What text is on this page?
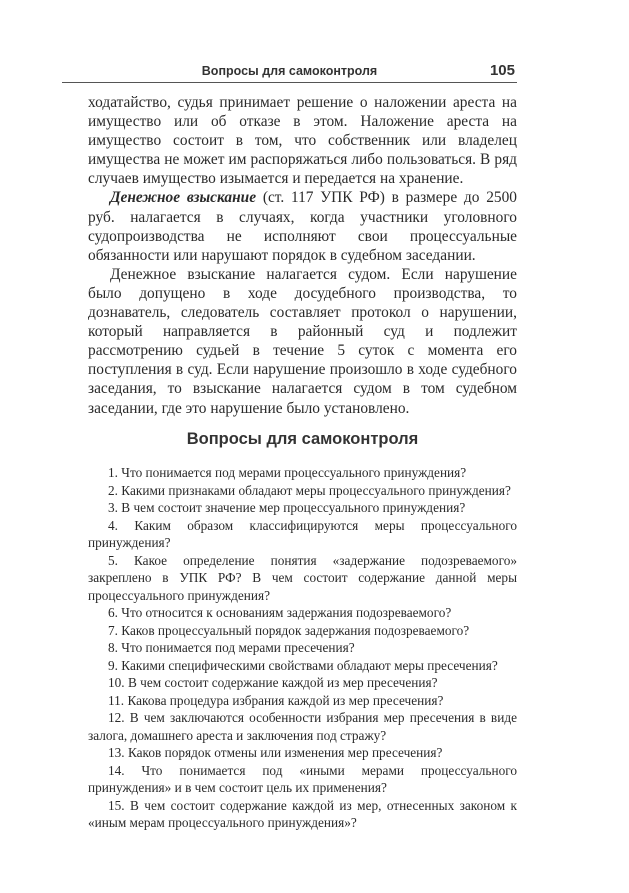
Вопросы для самоконтроля	105

ходатайство, судья принимает решение о наложении ареста на имущество или об отказе в этом. Наложение ареста на имущество состоит в том, что собственник или владелец имущества не может им распоряжаться либо пользоваться. В ряд случаев имущество изымается и передается на хранение.

Денежное взыскание (ст. 117 УПК РФ) в размере до 2500 руб. налагается в случаях, когда участники уголовного судопроизводства не исполняют свои процессуальные обязанности или нарушают порядок в судебном заседании.

Денежное взыскание налагается судом. Если нарушение было допущено в ходе досудебного производства, то дознаватель, следователь составляет протокол о нарушении, который направляется в районный суд и подлежит рассмотрению судьей в течение 5 суток с момента его поступления в суд. Если нарушение произошло в ходе судебного заседания, то взыскание налагается судом в том судебном заседании, где это нарушение было установлено.

Вопросы для самоконтроля
1. Что понимается под мерами процессуального принуждения?
2. Какими признаками обладают меры процессуального принуждения?
3. В чем состоит значение мер процессуального принуждения?
4. Каким образом классифицируются меры процессуального принуждения?
5. Какое определение понятия «задержание подозреваемого» закреплено в УПК РФ? В чем состоит содержание данной меры процессуального принуждения?
6. Что относится к основаниям задержания подозреваемого?
7. Каков процессуальный порядок задержания подозреваемого?
8. Что понимается под мерами пресечения?
9. Какими специфическими свойствами обладают меры пресечения?
10. В чем состоит содержание каждой из мер пресечения?
11. Какова процедура избрания каждой из мер пресечения?
12. В чем заключаются особенности избрания мер пресечения в виде залога, домашнего ареста и заключения под стражу?
13. Каков порядок отмены или изменения мер пресечения?
14. Что понимается под «иными мерами процессуального принуждения» и в чем состоит цель их применения?
15. В чем состоит содержание каждой из мер, отнесенных законом к «иным мерам процессуального принуждения»?
